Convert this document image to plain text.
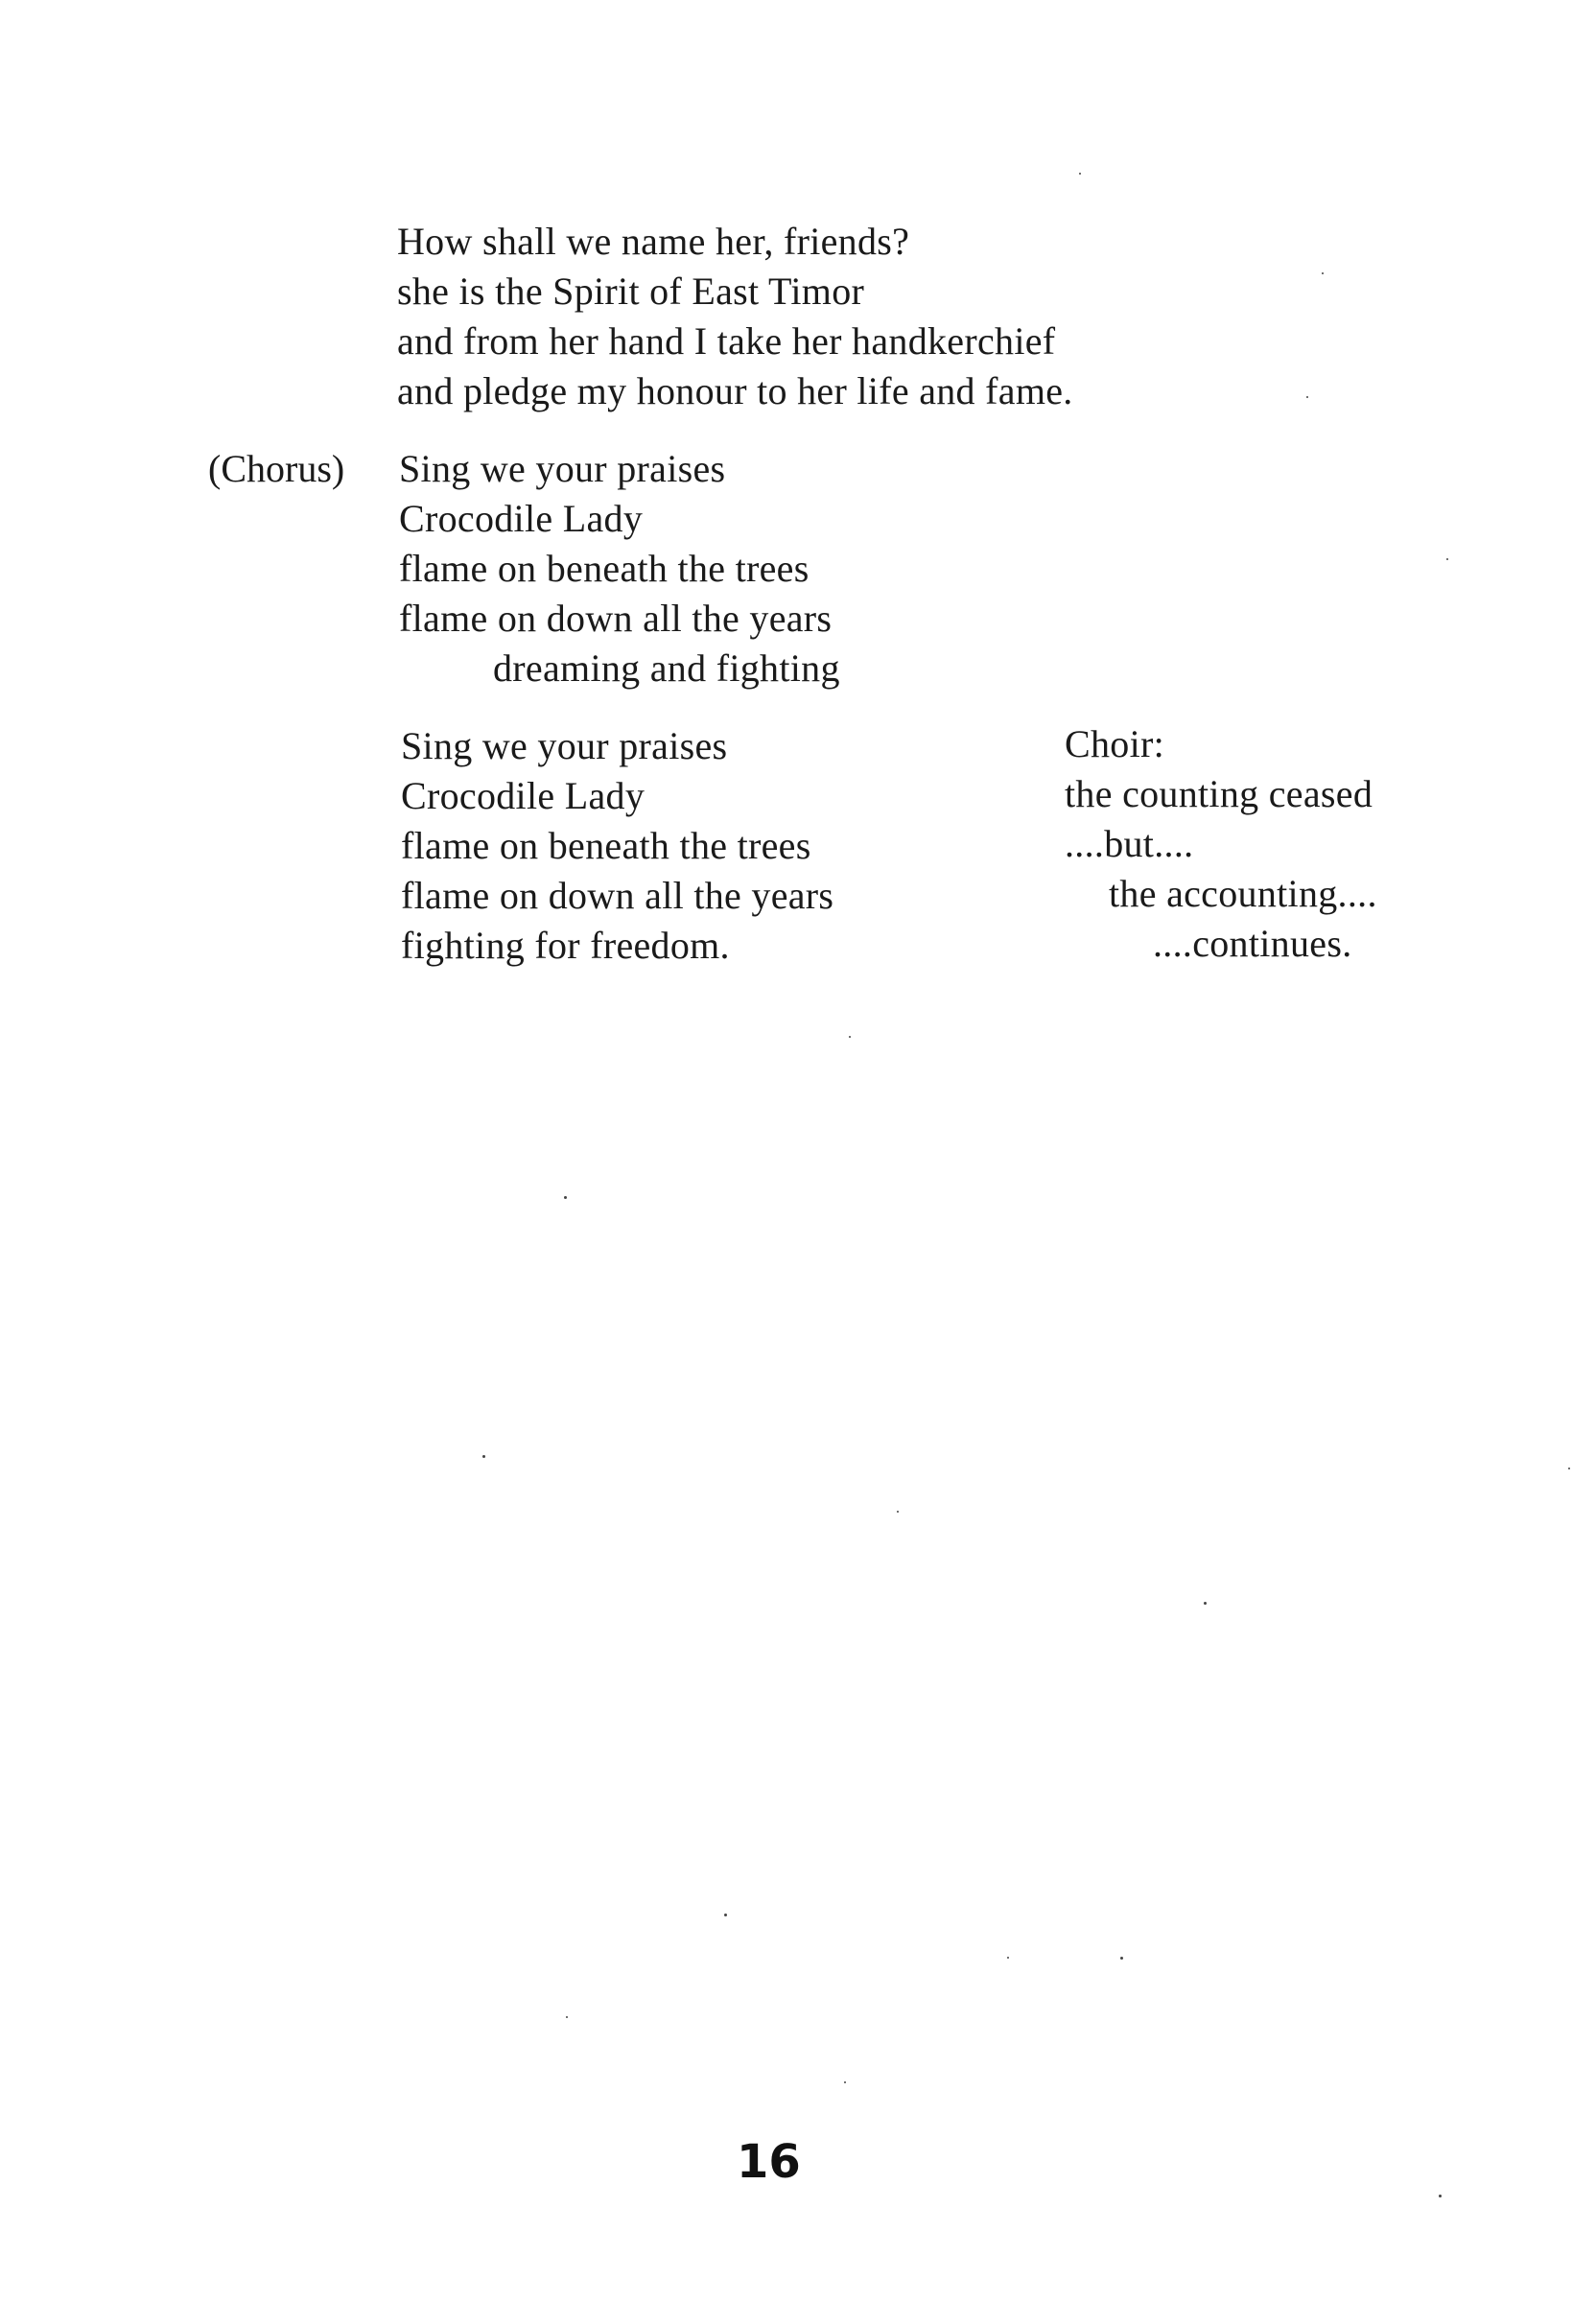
How shall we name her, friends?
she is the Spirit of East Timor
and from her hand I take her handkerchief
and pledge my honour to her life and fame.
(Chorus) Sing we your praises
Crocodile Lady
flame on beneath the trees
flame on down all the years
dreaming and fighting
Sing we your praises
Crocodile Lady
flame on beneath the trees
flame on down all the years
fighting for freedom.
Choir:
the counting ceased
....but....
the accounting....
....continues.
16
